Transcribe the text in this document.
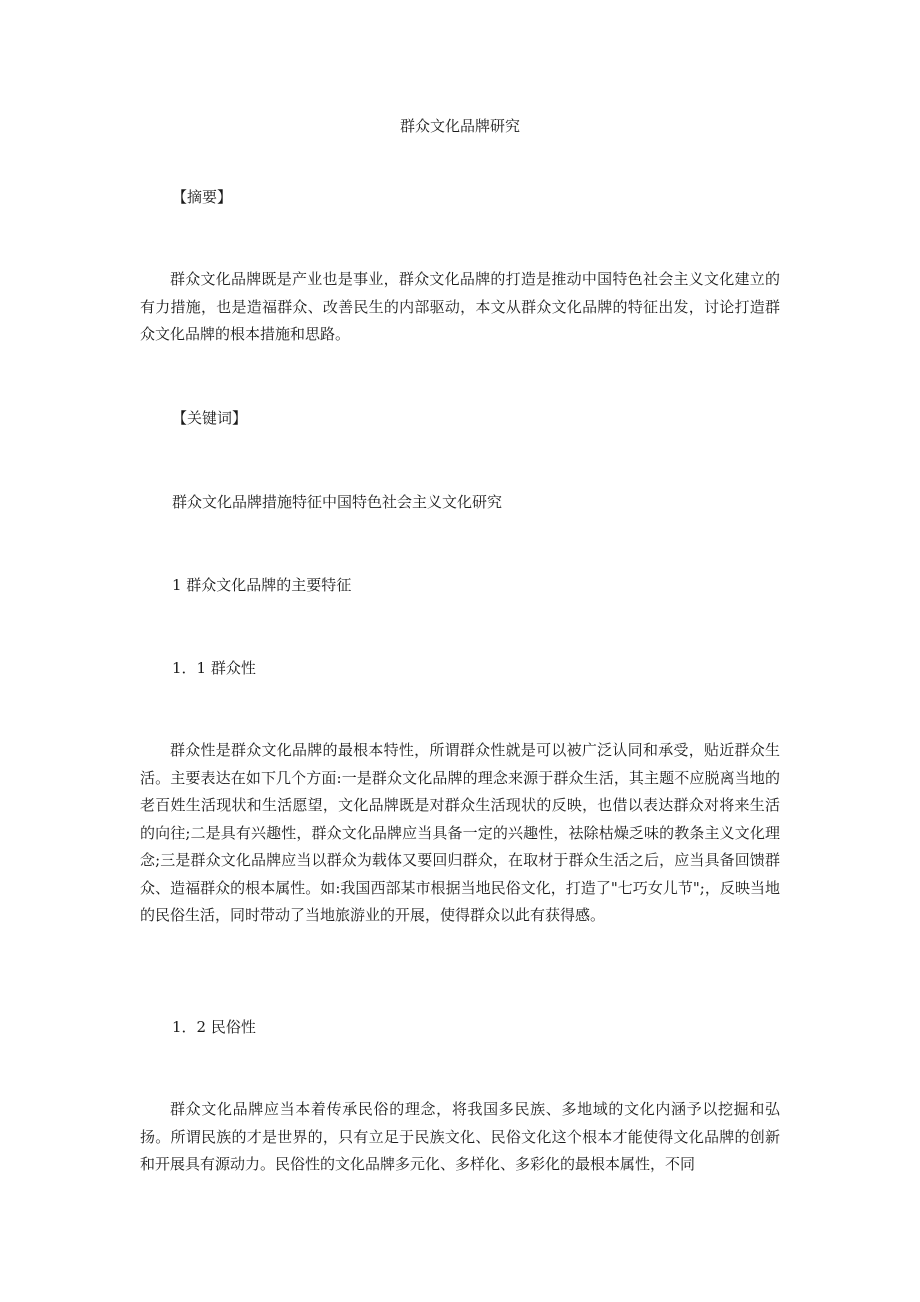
群众文化品牌研究
【摘要】

群众文化品牌既是产业也是事业，群众文化品牌的打造是推动中国特色社会主义文化建立的有力措施，也是造福群众、改善民生的内部驱动，本文从群众文化品牌的特征出发，讨论打造群众文化品牌的根本措施和思路。

【关键词】

群众文化品牌措施特征中国特色社会主义文化研究

1 群众文化品牌的主要特征
1．1 群众性

群众性是群众文化品牌的最根本特性，所谓群众性就是可以被广泛认同和承受，贴近群众生活。主要表达在如下几个方面:一是群众文化品牌的理念来源于群众生活，其主题不应脱离当地的老百姓生活现状和生活愿望，文化品牌既是对群众生活现状的反映，也借以表达群众对将来生活的向往;二是具有兴趣性，群众文化品牌应当具备一定的兴趣性，祛除枯燥乏味的教条主义文化理念;三是群众文化品牌应当以群众为载体又要回归群众，在取材于群众生活之后，应当具备回馈群众、造福群众的根本属性。如:我国西部某市根据当地民俗文化，打造了"七巧女儿节";，反映当地的民俗生活，同时带动了当地旅游业的开展，使得群众以此有获得感。

1．2 民俗性

群众文化品牌应当本着传承民俗的理念，将我国多民族、多地域的文化内涵予以挖掘和弘扬。所谓民族的才是世界的，只有立足于民族文化、民俗文化这个根本才能使得文化品牌的创新和开展具有源动力。民俗性的文化品牌多元化、多样化、多彩化的最根本属性，不同
